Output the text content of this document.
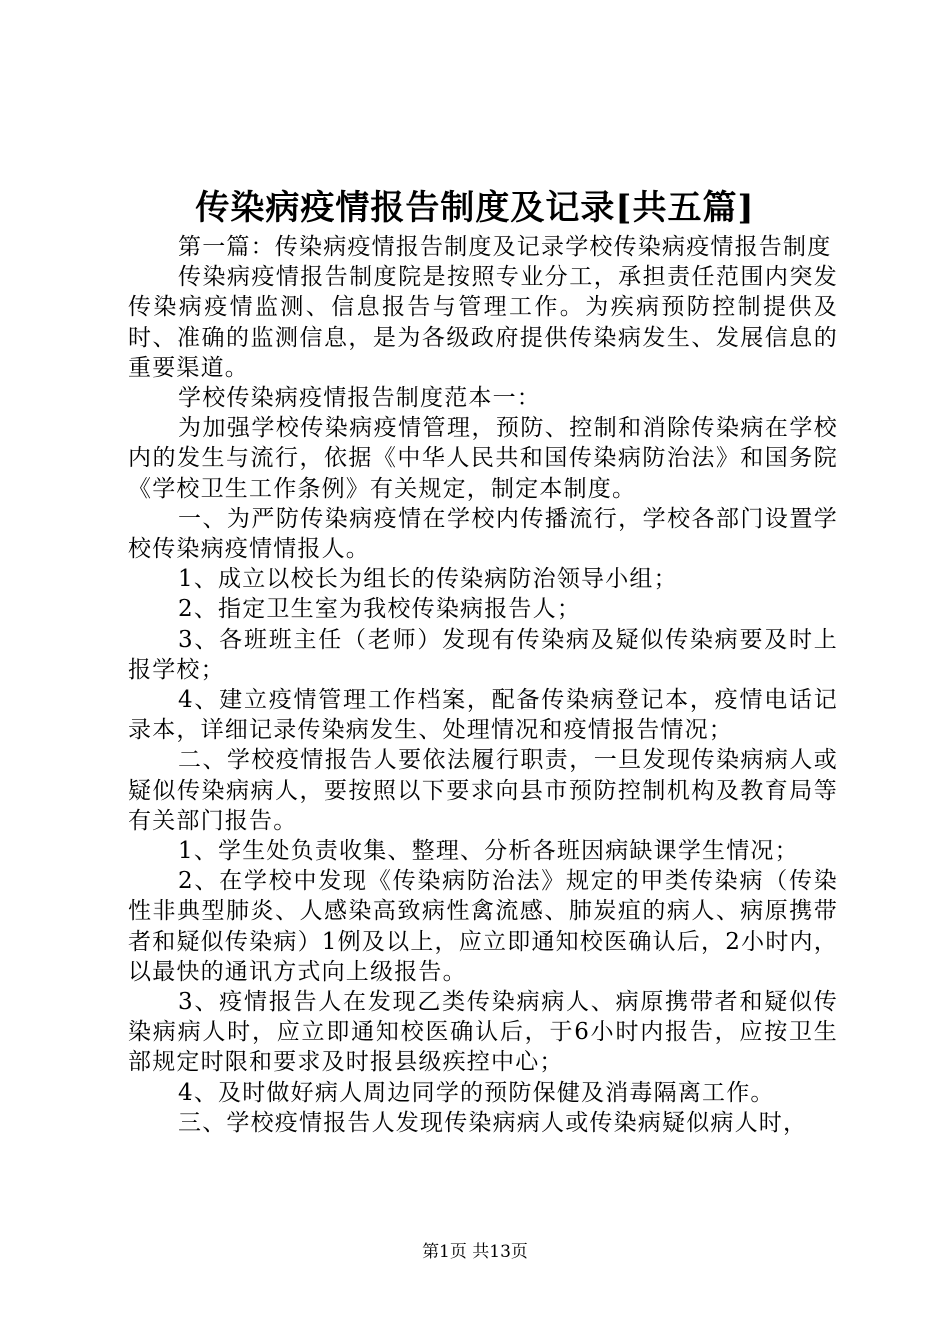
传染病疫情报告制度及记录[共五篇]

第一篇：传染病疫情报告制度及记录学校传染病疫情报告制度

传染病疫情报告制度院是按照专业分工，承担责任范围内突发传染病疫情监测、信息报告与管理工作。为疾病预防控制提供及时、准确的监测信息，是为各级政府提供传染病发生、发展信息的重要渠道。

学校传染病疫情报告制度范本一：

为加强学校传染病疫情管理，预防、控制和消除传染病在学校内的发生与流行，依据《中华人民共和国传染病防治法》和国务院《学校卫生工作条例》有关规定，制定本制度。

一、为严防传染病疫情在学校内传播流行，学校各部门设置学校传染病疫情情报人。

1、成立以校长为组长的传染病防治领导小组；

2、指定卫生室为我校传染病报告人；

3、各班班主任（老师）发现有传染病及疑似传染病要及时上报学校；

4、建立疫情管理工作档案，配备传染病登记本，疫情电话记录本，详细记录传染病发生、处理情况和疫情报告情况；

二、学校疫情报告人要依法履行职责，一旦发现传染病病人或疑似传染病病人，要按照以下要求向县市预防控制机构及教育局等有关部门报告。

1、学生处负责收集、整理、分析各班因病缺课学生情况；

2、在学校中发现《传染病防治法》规定的甲类传染病（传染性非典型肺炎、人感染高致病性禽流感、肺炭疽的病人、病原携带者和疑似传染病）1例及以上，应立即通知校医确认后，2小时内，以最快的通讯方式向上级报告。

3、疫情报告人在发现乙类传染病病人、病原携带者和疑似传染病病人时，应立即通知校医确认后，于6小时内报告，应按卫生部规定时限和要求及时报县级疾控中心；

4、及时做好病人周边同学的预防保健及消毒隔离工作。

三、学校疫情报告人发现传染病病人或传染病疑似病人时，

第1页 共13页
